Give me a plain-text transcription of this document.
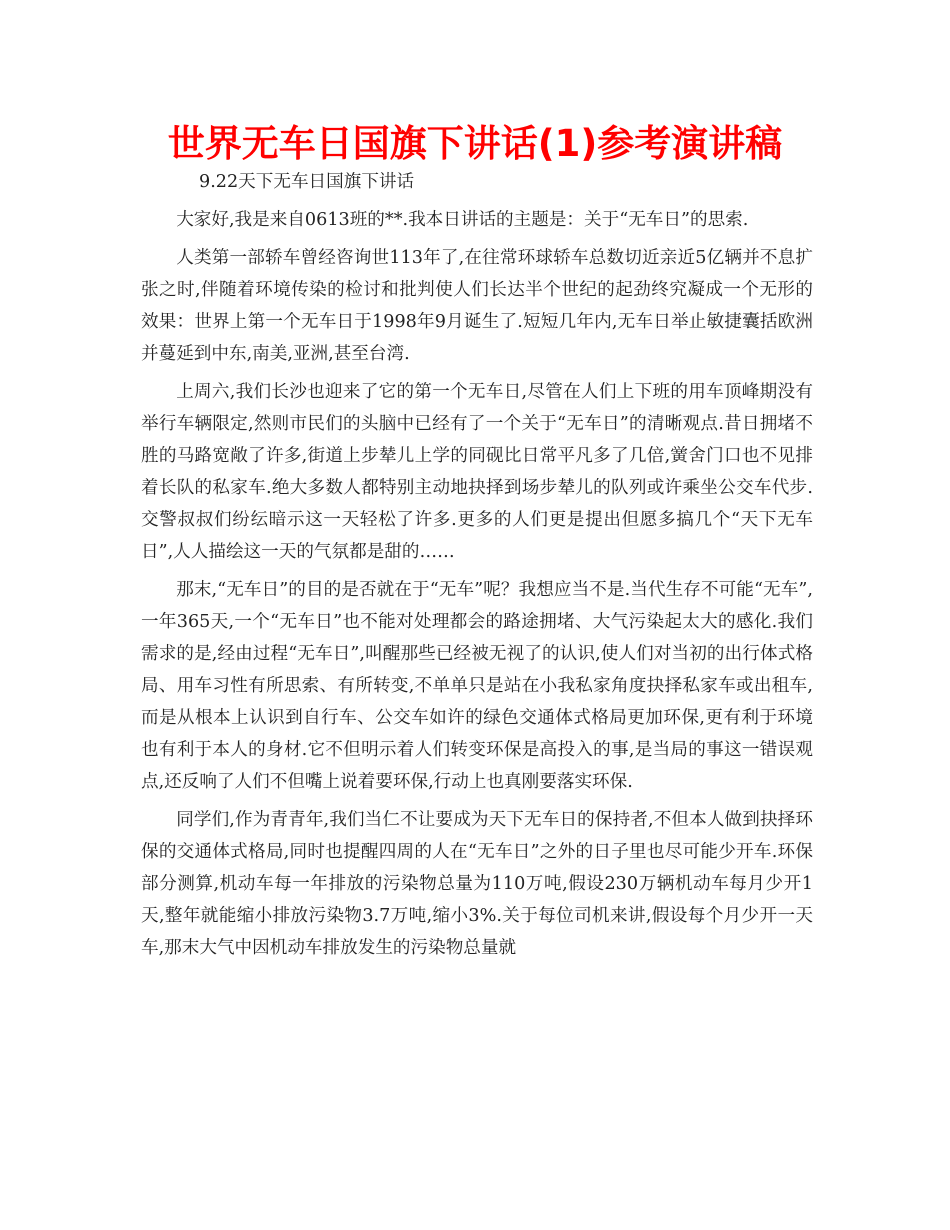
世界无车日国旗下讲话(1)参考演讲稿

9.22天下无车日国旗下讲话

大家好,我是来自0613班的**.我本日讲话的主题是：关于“无车日”的思索.

人类第一部轿车曾经咨询世113年了,在往常环球轿车总数切近亲近5亿辆并不息扩张之时,伴随着环境传染的检讨和批判使人们长达半个世纪的起劲终究凝成一个无形的效果：世界上第一个无车日于1998年9月诞生了.短短几年内,无车日举止敏捷囊括欧洲并蔓延到中东,南美,亚洲,甚至台湾.

上周六,我们长沙也迎来了它的第一个无车日,尽管在人们上下班的用车顶峰期没有举行车辆限定,然则市民们的头脑中已经有了一个关于“无车日”的清晰观点.昔日拥堵不胜的马路宽敞了许多,街道上步辇儿上学的同砚比日常平凡多了几倍,黉舍门口也不见排着长队的私家车.绝大多数人都特别主动地抉择到场步辇儿的队列或许乘坐公交车代步.交警叔叔们纷纭暗示这一天轻松了许多.更多的人们更是提出但愿多搞几个“天下无车日”,人人描绘这一天的气氛都是甜的……

那末,“无车日”的目的是否就在于“无车”呢？我想应当不是.当代生存不可能“无车”,一年365天,一个“无车日”也不能对处理都会的路途拥堵、大气污染起太大的感化.我们需求的是,经由过程“无车日”,叫醒那些已经被无视了的认识,使人们对当初的出行体式格局、用车习性有所思索、有所转变,不单单只是站在小我私家角度抉择私家车或出租车,而是从根本上认识到自行车、公交车如许的绿色交通体式格局更加环保,更有利于环境也有利于本人的身材.它不但明示着人们转变环保是高投入的事,是当局的事这一错误观点,还反响了人们不但嘴上说着要环保,行动上也真刚要落实环保.

同学们,作为青青年,我们当仁不让要成为天下无车日的保持者,不但本人做到抉择环保的交通体式格局,同时也提醒四周的人在“无车日”之外的日子里也尽可能少开车.环保部分测算,机动车每一年排放的污染物总量为110万吨,假设230万辆机动车每月少开1天,整年就能缩小排放污染物3.7万吨,缩小3%.关于每位司机来讲,假设每个月少开一天车,那末大气中因机动车排放发生的污染物总量就
